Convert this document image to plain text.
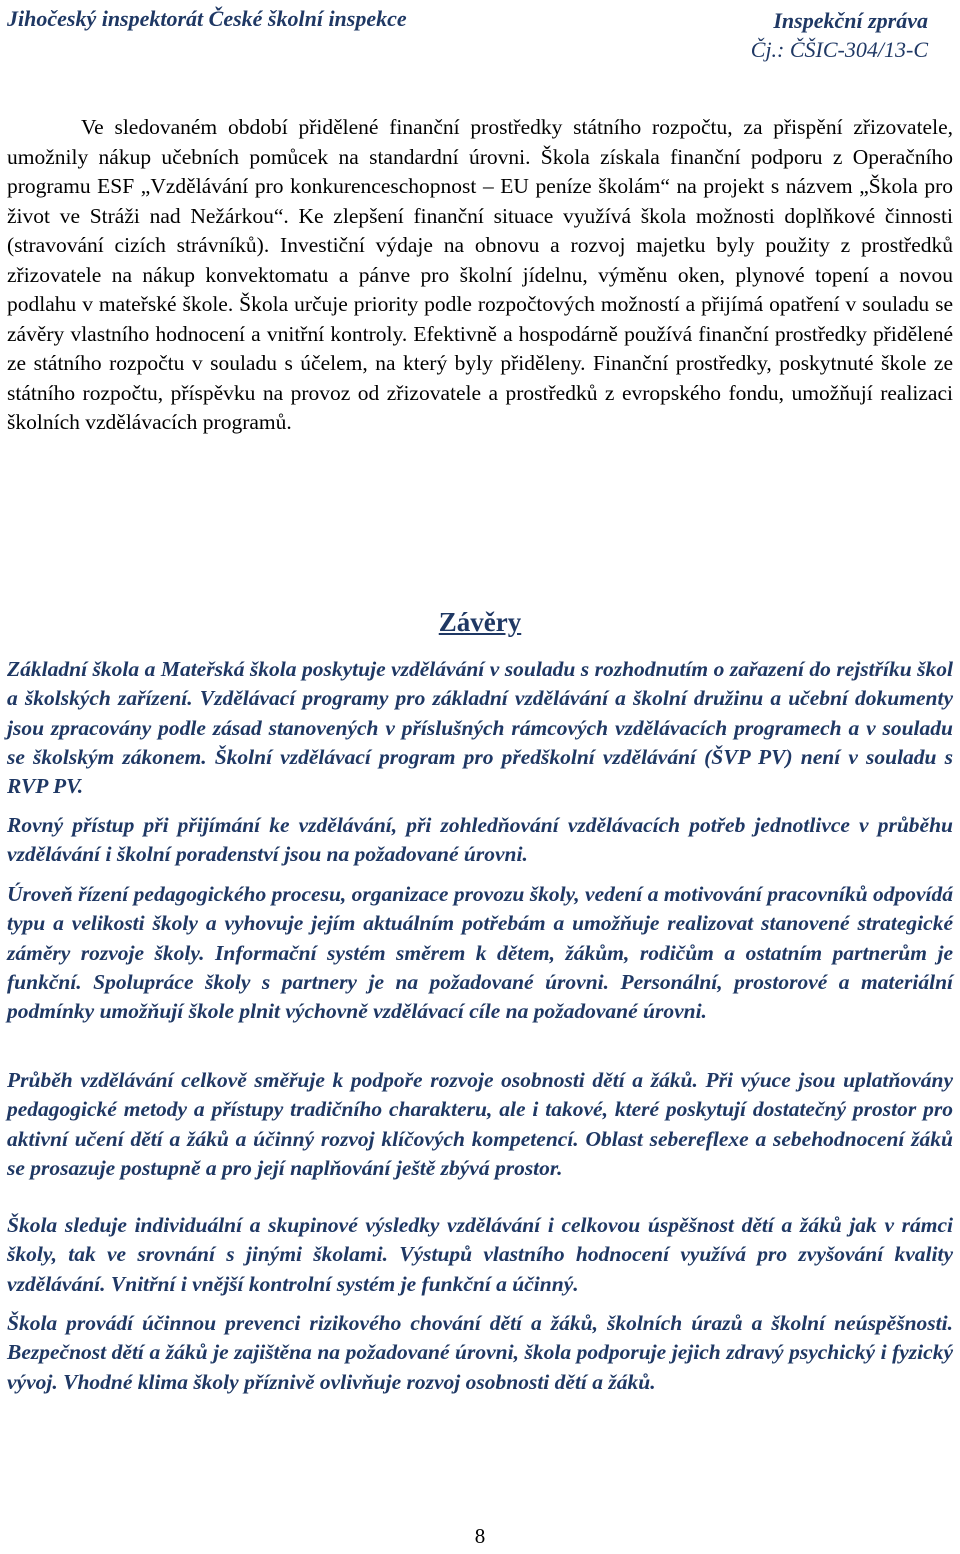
Jihočeský inspektorát České školní inspekce	Inspekční zpráva
Čj.: ČŠIC-304/13-C

Ve sledovaném období přidělené finanční prostředky státního rozpočtu, za přispění zřizovatele, umožnily nákup učebních pomůcek na standardní úrovni. Škola získala finanční podporu z Operačního programu ESF „Vzdělávání pro konkurenceschopnost – EU peníze školám“ na projekt s názvem „Škola pro život ve Stráži nad Nežárkou“. Ke zlepšení finanční situace využívá škola možnosti doplňkové činnosti (stravování cizích strávníků). Investiční výdaje na obnovu a rozvoj majetku byly použity z prostředků zřizovatele na nákup konvektomatu a pánve pro školní jídelnu, výměnu oken, plynové topení a novou podlahu v mateřské škole. Škola určuje priority podle rozpočtových možností a přijímá opatření v souladu se závěry vlastního hodnocení a vnitřní kontroly. Efektivně a hospodárně používá finanční prostředky přidělené ze státního rozpočtu v souladu s účelem, na který byly přiděleny. Finanční prostředky, poskytnuté škole ze státního rozpočtu, příspěvku na provoz od zřizovatele a prostředků z evropského fondu, umožňují realizaci školních vzdělávacích programů.

Závěry

Základní škola a Mateřská škola poskytuje vzdělávání v souladu s rozhodnutím o zařazení do rejstříku škol a školských zařízení. Vzdělávací programy pro základní vzdělávání a školní družinu a učební dokumenty jsou zpracovány podle zásad stanovených v příslušných rámcových vzdělávacích programech a v souladu se školským zákonem. Školní vzdělávací program pro předškolní vzdělávání (ŠVP PV) není v souladu s RVP PV.

Rovný přístup při přijímání ke vzdělávání, při zohledňování vzdělávacích potřeb jednotlivce v průběhu vzdělávání i školní poradenství jsou na požadované úrovni.

Úroveň řízení pedagogického procesu, organizace provozu školy, vedení a motivování pracovníků odpovídá typu a velikosti školy a vyhovuje jejím aktuálním potřebám a umožňuje realizovat stanovené strategické záměry rozvoje školy. Informační systém směrem k dětem, žákům, rodičům a ostatním partnerům je funkční. Spolupráce školy s partnery je na požadované úrovni. Personální, prostorové a materiální podmínky umožňují škole plnit výchovně vzdělávací cíle na požadované úrovni.

Průběh vzdělávání celkově směřuje k podpoře rozvoje osobnosti dětí a žáků. Při výuce jsou uplatňovány pedagogické metody a přístupy tradičního charakteru, ale i takové, které poskytují dostatečný prostor pro aktivní učení dětí a žáků a účinný rozvoj klíčových kompetencí. Oblast sebereflexe a sebehodnocení žáků se prosazuje postupně a pro její naplňování ještě zbývá prostor.

Škola sleduje individuální a skupinové výsledky vzdělávání i celkovou úspěšnost dětí a žáků jak v rámci školy, tak ve srovnání s jinými školami. Výstupů vlastního hodnocení využívá pro zvyšování kvality vzdělávání. Vnitřní i vnější kontrolní systém je funkční a účinný.

Škola provádí účinnou prevenci rizikového chování dětí a žáků, školních úrazů a školní neúspěšnosti. Bezpečnost dětí a žáků je zajištěna na požadované úrovni, škola podporuje jejich zdravý psychický i fyzický vývoj. Vhodné klima školy příznivě ovlivňuje rozvoj osobnosti dětí a žáků.

8
